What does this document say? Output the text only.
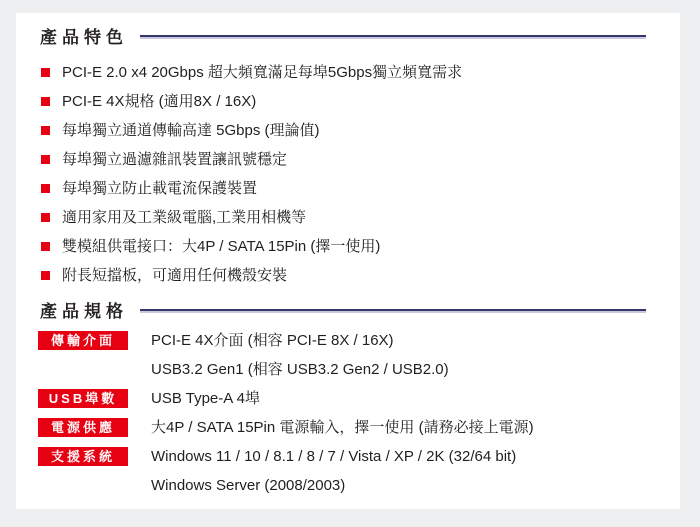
產品特色
PCI-E 2.0 x4 20Gbps 超大頻寬滿足每埠5Gbps獨立頻寬需求
PCI-E 4X規格 (適用8X / 16X)
每埠獨立通道傳輸高達 5Gbps (理論值)
每埠獨立過濾雜訊裝置讓訊號穩定
每埠獨立防止載電流保護裝置
適用家用及工業級電腦,工業用相機等
雙模組供電接口：大4P / SATA 15Pin (擇一使用)
附長短擋板，可適用任何機殼安裝
產品規格
傳輸介面	PCI-E 4X介面 (相容 PCI-E 8X / 16X)
USB3.2 Gen1 (相容 USB3.2 Gen2 / USB2.0)
USB埠數	USB Type-A 4埠
電源供應	大4P / SATA 15Pin 電源輸入，擇一使用 (請務必接上電源)
支援系統	Windows 11 / 10 / 8.1 / 8 / 7 / Vista / XP / 2K (32/64 bit)
Windows Server (2008/2003)
